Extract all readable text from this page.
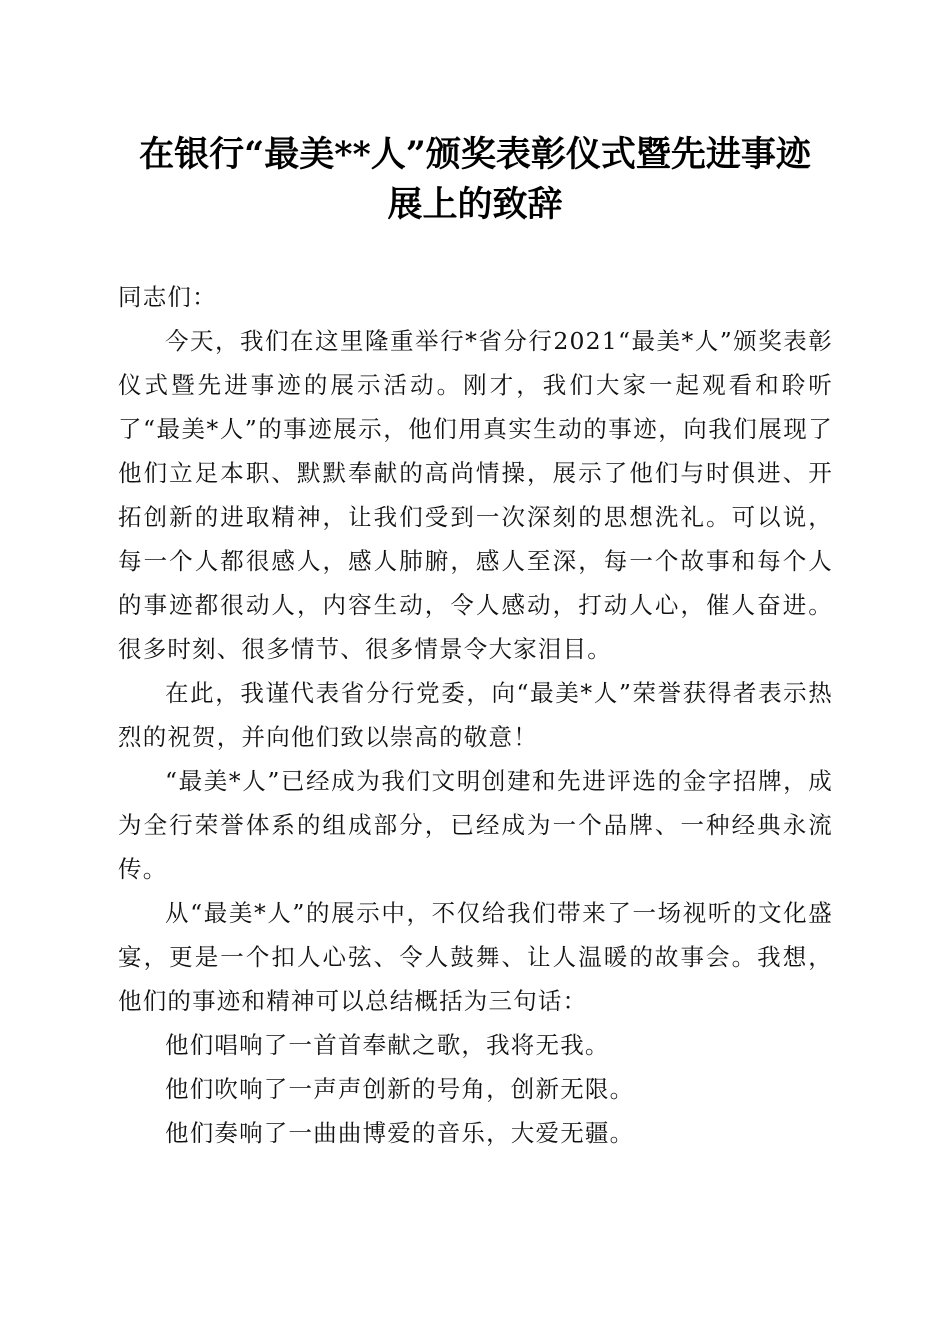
在银行“最美**人”颁奖表彰仪式暨先进事迹
展上的致辞

同志们：

今天，我们在这里隆重举行*省分行2021“最美*人”颁奖表彰仪式暨先进事迹的展示活动。刚才，我们大家一起观看和聆听了“最美*人”的事迹展示，他们用真实生动的事迹，向我们展现了他们立足本职、默默奉献的高尚情操，展示了他们与时俱进、开拓创新的进取精神，让我们受到一次深刻的思想洗礼。可以说，每一个人都很感人，感人肺腑，感人至深，每一个故事和每个人的事迹都很动人，内容生动，令人感动，打动人心，催人奋进。很多时刻、很多情节、很多情景令大家泪目。

在此，我谨代表省分行党委，向“最美*人”荣誉获得者表示热烈的祝贺，并向他们致以崇高的敬意！

“最美*人”已经成为我们文明创建和先进评选的金字招牌，成为全行荣誉体系的组成部分，已经成为一个品牌、一种经典永流传。

从“最美*人”的展示中，不仅给我们带来了一场视听的文化盛宴，更是一个扣人心弦、令人鼓舞、让人温暖的故事会。我想，他们的事迹和精神可以总结概括为三句话：

他们唱响了一首首奉献之歌，我将无我。

他们吹响了一声声创新的号角，创新无限。

他们奏响了一曲曲博爱的音乐，大爱无疆。
